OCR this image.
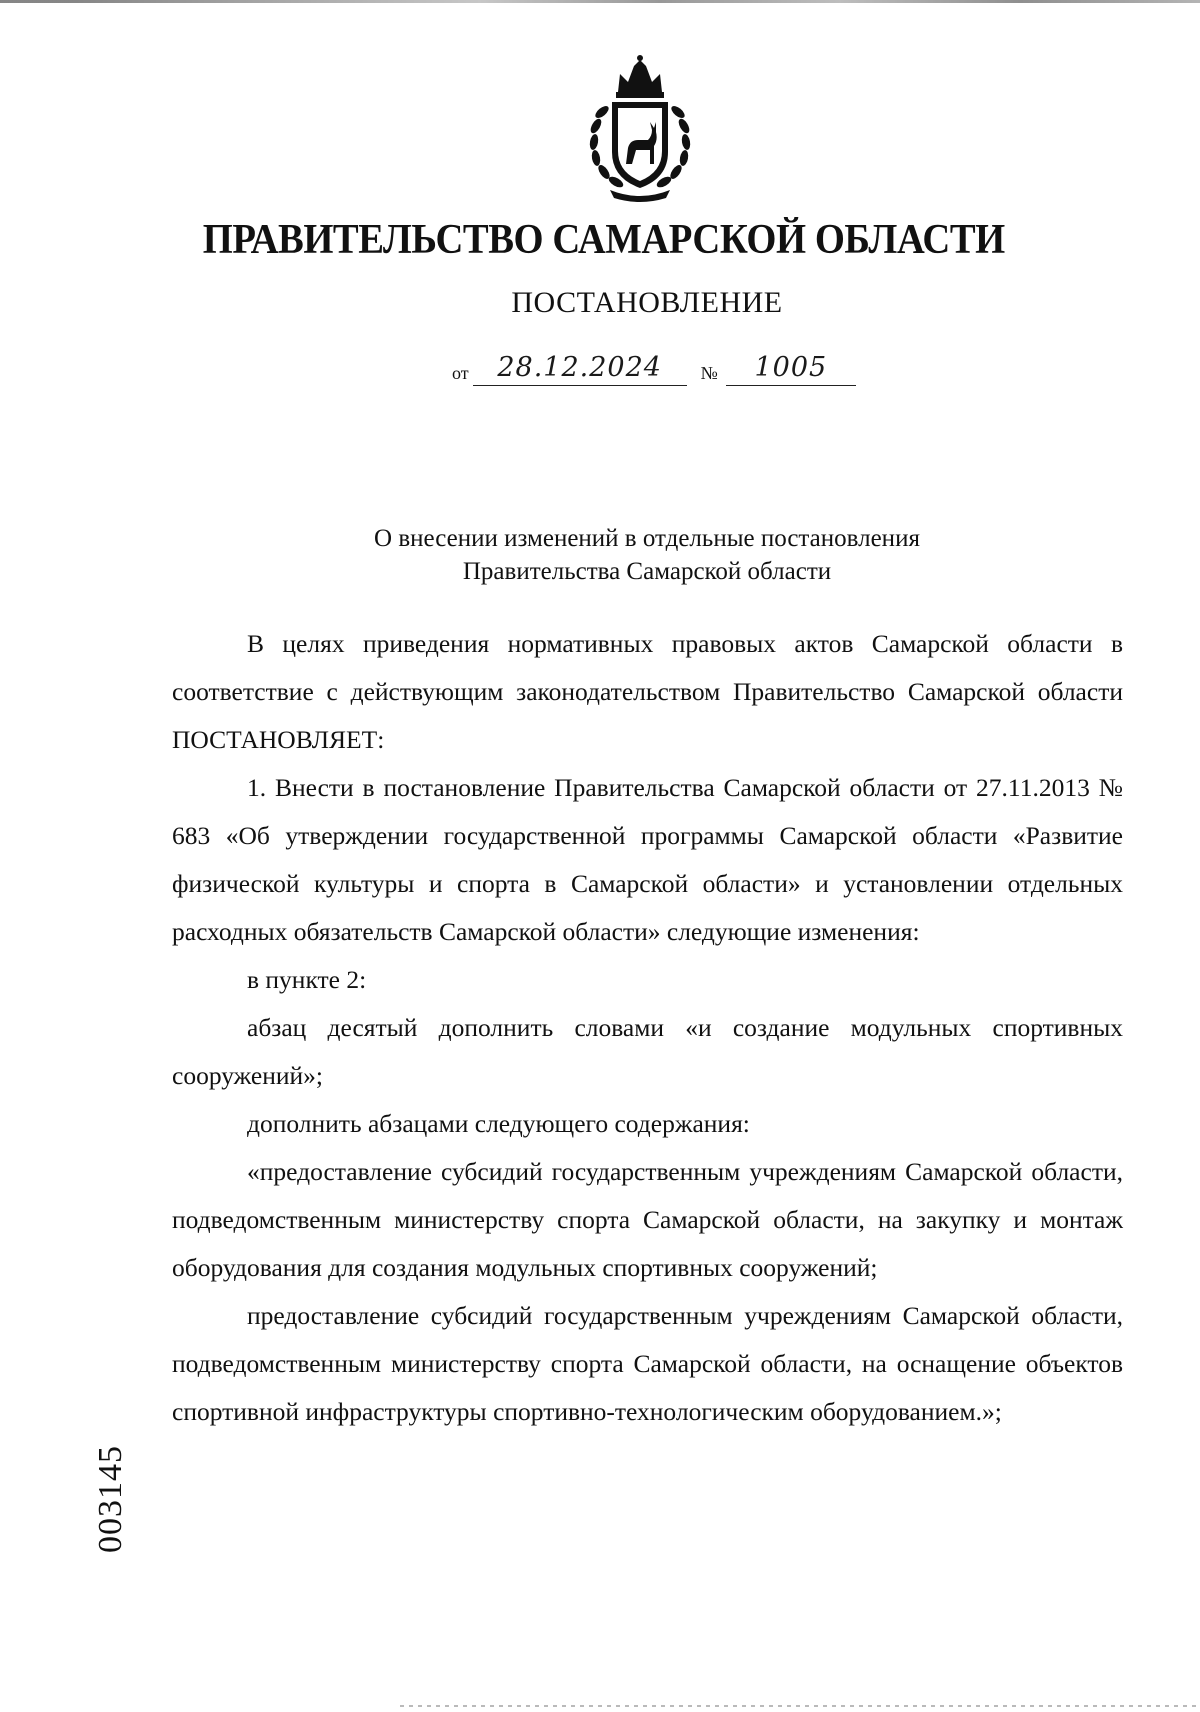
ПРАВИТЕЛЬСТВО САМАРСКОЙ ОБЛАСТИ
ПОСТАНОВЛЕНИЕ
от	28.12.2024	№	1005
О внесении изменений в отдельные постановления
Правительства Самарской области

В целях приведения нормативных правовых актов Самарской области в соответствие с действующим законодательством Правительство Самарской области ПОСТАНОВЛЯЕТ:

1. Внести в постановление Правительства Самарской области от 27.11.2013 № 683 «Об утверждении государственной программы Самарской области «Развитие физической культуры и спорта в Самарской области» и установлении отдельных расходных обязательств Самарской области» следующие изменения:

в пункте 2:

абзац десятый дополнить словами «и создание модульных спортивных сооружений»;

дополнить абзацами следующего содержания:

«предоставление субсидий государственным учреждениям Самарской области, подведомственным министерству спорта Самарской области, на закупку и монтаж оборудования для создания модульных спортивных сооружений;

предоставление субсидий государственным учреждениям Самарской области, подведомственным министерству спорта Самарской области, на оснащение объектов спортивной инфраструктуры спортивно-технологическим оборудованием.»;

003145
